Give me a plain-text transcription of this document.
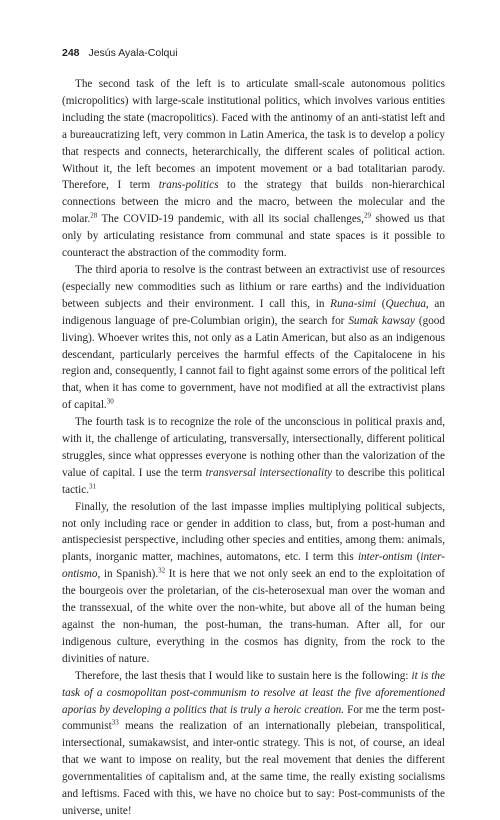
248 Jesús Ayala-Colqui

The second task of the left is to articulate small-scale autonomous politics (micropolitics) with large-scale institutional politics, which involves various entities including the state (macropolitics). Faced with the antinomy of an anti-statist left and a bureaucratizing left, very common in Latin America, the task is to develop a policy that respects and connects, heterarchically, the different scales of political action. Without it, the left becomes an impotent movement or a bad totalitarian parody. Therefore, I term trans-politics to the strategy that builds non-hierarchical connections between the micro and the macro, between the molecular and the molar.$^{28}$ The COVID-19 pandemic, with all its social challenges,$^{29}$ showed us that only by articulating resistance from communal and state spaces is it possible to counteract the abstraction of the commodity form.

The third aporia to resolve is the contrast between an extractivist use of resources (especially new commodities such as lithium or rare earths) and the individuation between subjects and their environment. I call this, in Runa-simi (Quechua, an indigenous language of pre-Columbian origin), the search for Sumak kawsay (good living). Whoever writes this, not only as a Latin American, but also as an indigenous descendant, particularly perceives the harmful effects of the Capitalocene in his region and, consequently, I cannot fail to fight against some errors of the political left that, when it has come to government, have not modified at all the extractivist plans of capital.$^{30}$

The fourth task is to recognize the role of the unconscious in political praxis and, with it, the challenge of articulating, transversally, intersectionally, different political struggles, since what oppresses everyone is nothing other than the valorization of the value of capital. I use the term transversal intersectionality to describe this political tactic.$^{31}$

Finally, the resolution of the last impasse implies multiplying political subjects, not only including race or gender in addition to class, but, from a post-human and antispeciesist perspective, including other species and entities, among them: animals, plants, inorganic matter, machines, automatons, etc. I term this inter-ontism (inter-ontismo, in Spanish).$^{32}$ It is here that we not only seek an end to the exploitation of the bourgeois over the proletarian, of the cis-heterosexual man over the woman and the transsexual, of the white over the non-white, but above all of the human being against the non-human, the post-human, the trans-human. After all, for our indigenous culture, everything in the cosmos has dignity, from the rock to the divinities of nature.

Therefore, the last thesis that I would like to sustain here is the following: it is the task of a cosmopolitan post-communism to resolve at least the five aforementioned aporias by developing a politics that is truly a heroic creation. For me the term post-communist$^{33}$ means the realization of an internationally plebeian, transpolitical, intersectional, sumakawsist, and inter-ontic strategy. This is not, of course, an ideal that we want to impose on reality, but the real movement that denies the different governmentalities of capitalism and, at the same time, the really existing socialisms and leftisms. Faced with this, we have no choice but to say: Post-communists of the universe, unite!
